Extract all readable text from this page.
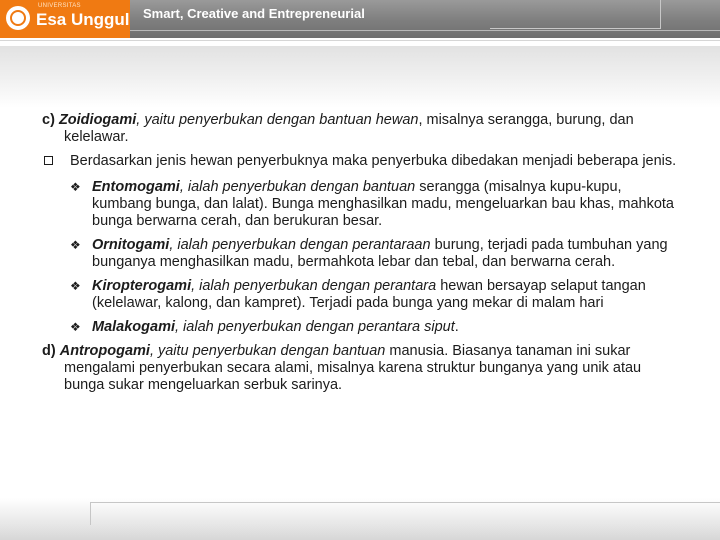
UNIVERSITAS
Esa Unggul Smart, Creative and Entrepreneurial

c) Zoidiogami, yaitu penyerbukan dengan bantuan hewan, misalnya serangga, burung, dan kelelawar.

Berdasarkan jenis hewan penyerbuknya maka penyerbuka dibedakan menjadi beberapa jenis.
❖ Entomogami, ialah penyerbukan dengan bantuan serangga (misalnya kupu-kupu, kumbang bunga, dan lalat). Bunga menghasilkan madu, mengeluarkan bau khas, mahkota bunga berwarna cerah, dan berukuran besar.
❖ Ornitogami, ialah penyerbukan dengan perantaraan burung, terjadi pada tumbuhan yang bunganya menghasilkan madu, bermahkota lebar dan tebal, dan berwarna cerah.
❖ Kiropterogami, ialah penyerbukan dengan perantara hewan bersayap selaput tangan (kelelawar, kalong, dan kampret). Terjadi pada bunga yang mekar di malam hari
❖ Malakogami, ialah penyerbukan dengan perantara siput.

d) Antropogami, yaitu penyerbukan dengan bantuan manusia. Biasanya tanaman ini sukar mengalami penyerbukan secara alami, misalnya karena struktur bunganya yang unik atau bunga sukar mengeluarkan serbuk sarinya.
